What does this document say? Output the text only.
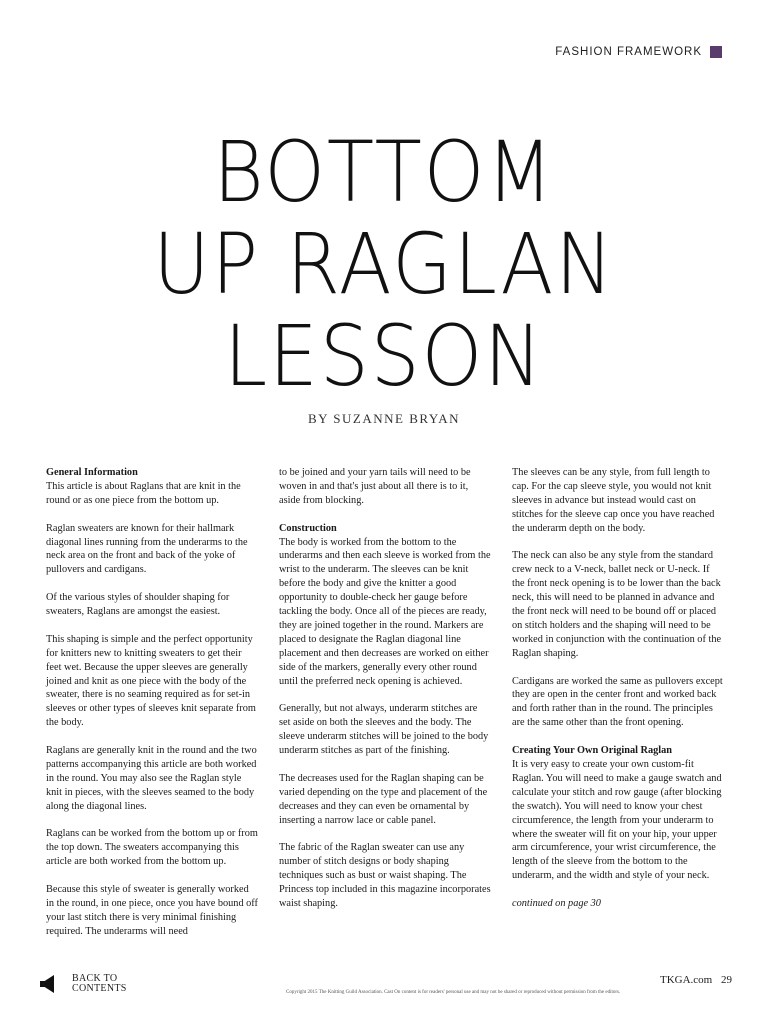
FASHION FRAMEWORK
BOTTOM
UP RAGLAN
LESSON
BY SUZANNE BRYAN

General Information
This article is about Raglans that are knit in the round or as one piece from the bottom up.

Raglan sweaters are known for their hallmark diagonal lines running from the underarms to the neck area on the front and back of the yoke of pullovers and cardigans.

Of the various styles of shoulder shaping for sweaters, Raglans are amongst the easiest.

This shaping is simple and the perfect opportunity for knitters new to knitting sweaters to get their feet wet. Because the upper sleeves are generally joined and knit as one piece with the body of the sweater, there is no seaming required as for set-in sleeves or other types of sleeves knit separate from the body.

Raglans are generally knit in the round and the two patterns accompanying this article are both worked in the round. You may also see the Raglan style knit in pieces, with the sleeves seamed to the body along the diagonal lines.

Raglans can be worked from the bottom up or from the top down. The sweaters accompanying this article are both worked from the bottom up.

Because this style of sweater is generally worked in the round, in one piece, once you have bound off your last stitch there is very minimal finishing required. The underarms will need

to be joined and your yarn tails will need to be woven in and that's just about all there is to it, aside from blocking.

Construction
The body is worked from the bottom to the underarms and then each sleeve is worked from the wrist to the underarm. The sleeves can be knit before the body and give the knitter a good opportunity to double-check her gauge before tackling the body. Once all of the pieces are ready, they are joined together in the round. Markers are placed to designate the Raglan diagonal line placement and then decreases are worked on either side of the markers, generally every other round until the preferred neck opening is achieved.

Generally, but not always, underarm stitches are set aside on both the sleeves and the body. The sleeve underarm stitches will be joined to the body underarm stitches as part of the finishing.

The decreases used for the Raglan shaping can be varied depending on the type and placement of the decreases and they can even be ornamental by inserting a narrow lace or cable panel.

The fabric of the Raglan sweater can use any number of stitch designs or body shaping techniques such as bust or waist shaping. The Princess top included in this magazine incorporates waist shaping.

The sleeves can be any style, from full length to cap. For the cap sleeve style, you would not knit sleeves in advance but instead would cast on stitches for the sleeve cap once you have reached the underarm depth on the body.

The neck can also be any style from the standard crew neck to a V-neck, ballet neck or U-neck. If the front neck opening is to be lower than the back neck, this will need to be planned in advance and the front neck will need to be bound off or placed on stitch holders and the shaping will need to be worked in conjunction with the continuation of the Raglan shaping.

Cardigans are worked the same as pullovers except they are open in the center front and worked back and forth rather than in the round. The principles are the same other than the front opening.

Creating Your Own Original Raglan
It is very easy to create your own custom-fit Raglan. You will need to make a gauge swatch and calculate your stitch and row gauge (after blocking the swatch). You will need to know your chest circumference, the length from your underarm to where the sweater will fit on your hip, your upper arm circumference, your wrist circumference, the length of the sleeve from the bottom to the underarm, and the width and style of your neck.

continued on page 30

BACK TO
CONTENTS
TKGA.com 29
Copyright 2015 The Knitting Guild Association. Cast On content is for readers' personal use and may not be shared or reproduced without permission from the editors.
